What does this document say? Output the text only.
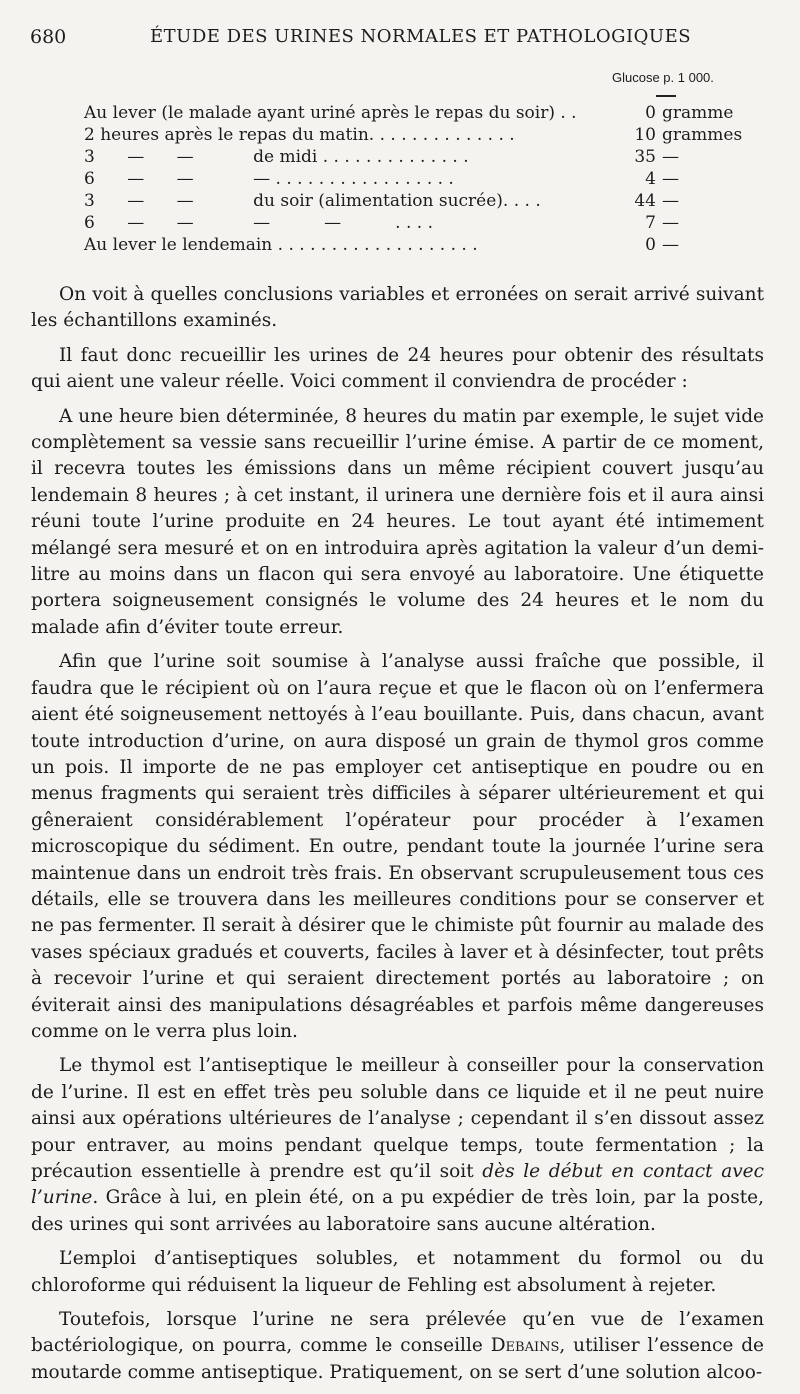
680	ÉTUDE DES URINES NORMALES ET PATHOLOGIQUES
Glucose p. 1 000.
Au lever (le malade ayant uriné après le repas du soir) . .	0 gramme
2 heures après le repas du matin. . . . . . . . . . . . . .	10 grammes
3      —      —           de midi . . . . . . . . . . . . . .	35 —
6      —      —           — . . . . . . . . . . . . . . . . .	4 —
3      —      —           du soir (alimentation sucrée). . . .	44 —
6      —      —           —          —          . . . .	7 —
Au lever le lendemain . . . . . . . . . . . . . . . . . . .	0 —

On voit à quelles conclusions variables et erronées on serait arrivé suivant les échantillons examinés.

Il faut donc recueillir les urines de 24 heures pour obtenir des résultats qui aient une valeur réelle. Voici comment il conviendra de procéder :

A une heure bien déterminée, 8 heures du matin par exemple, le sujet vide complètement sa vessie sans recueillir l’urine émise. A partir de ce moment, il recevra toutes les émissions dans un même récipient couvert jusqu’au lendemain 8 heures ; à cet instant, il urinera une dernière fois et il aura ainsi réuni toute l’urine produite en 24 heures. Le tout ayant été intimement mélangé sera mesuré et on en introduira après agitation la valeur d’un demi-litre au moins dans un flacon qui sera envoyé au laboratoire. Une étiquette portera soigneusement consignés le volume des 24 heures et le nom du malade afin d’éviter toute erreur.

Afin que l’urine soit soumise à l’analyse aussi fraîche que possible, il faudra que le récipient où on l’aura reçue et que le flacon où on l’enfermera aient été soigneusement nettoyés à l’eau bouillante. Puis, dans chacun, avant toute introduction d’urine, on aura disposé un grain de thymol gros comme un pois. Il importe de ne pas employer cet antiseptique en poudre ou en menus fragments qui seraient très difficiles à séparer ultérieurement et qui gêneraient considérablement l’opérateur pour procéder à l’examen microscopique du sédiment. En outre, pendant toute la journée l’urine sera maintenue dans un endroit très frais. En observant scrupuleusement tous ces détails, elle se trouvera dans les meilleures conditions pour se conserver et ne pas fermenter. Il serait à désirer que le chimiste pût fournir au malade des vases spéciaux gradués et couverts, faciles à laver et à désinfecter, tout prêts à recevoir l’urine et qui seraient directement portés au laboratoire ; on éviterait ainsi des manipulations désagréables et parfois même dangereuses comme on le verra plus loin.

Le thymol est l’antiseptique le meilleur à conseiller pour la conservation de l’urine. Il est en effet très peu soluble dans ce liquide et il ne peut nuire ainsi aux opérations ultérieures de l’analyse ; cependant il s’en dissout assez pour entraver, au moins pendant quelque temps, toute fermentation ; la précaution essentielle à prendre est qu’il soit dès le début en contact avec l’urine. Grâce à lui, en plein été, on a pu expédier de très loin, par la poste, des urines qui sont arrivées au laboratoire sans aucune altération.

L’emploi d’antiseptiques solubles, et notamment du formol ou du chloroforme qui réduisent la liqueur de Fehling est absolument à rejeter.

Toutefois, lorsque l’urine ne sera prélevée qu’en vue de l’examen bactériologique, on pourra, comme le conseille Debains, utiliser l’essence de moutarde comme antiseptique. Pratiquement, on se sert d’une solution alcoo-
